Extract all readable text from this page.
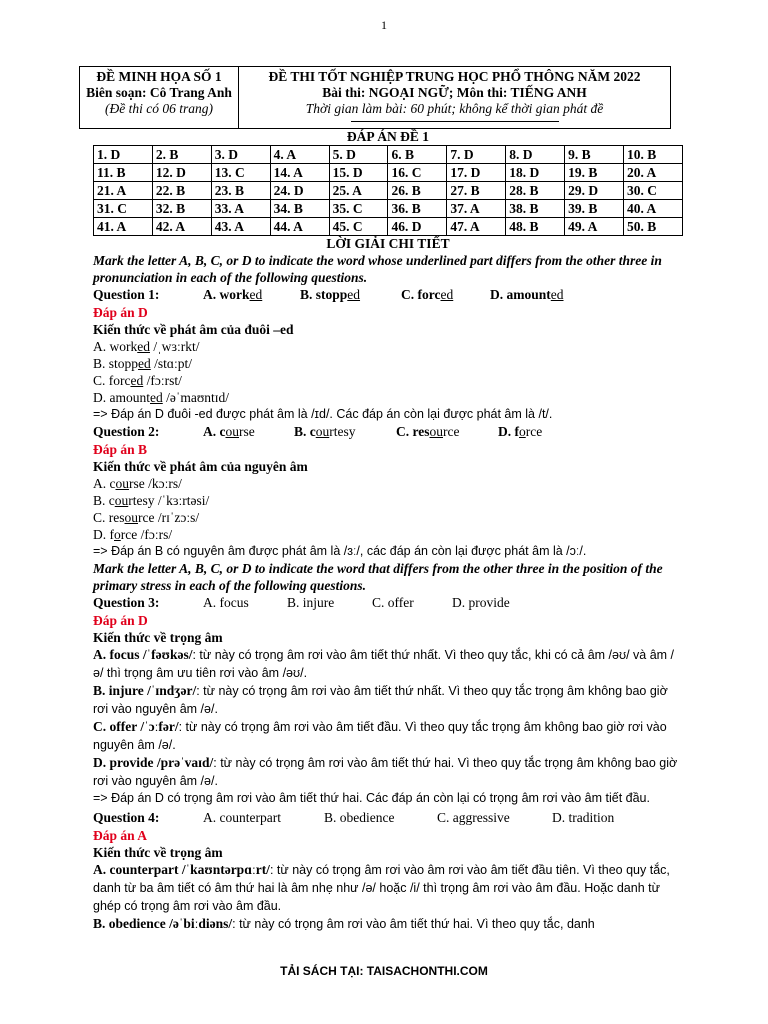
1
ĐỀ MINH HỌA SỐ 1
Biên soạn: Cô Trang Anh
(Đề thi có 06 trang)

ĐỀ THI TỐT NGHIỆP TRUNG HỌC PHỔ THÔNG NĂM 2022
Bài thi: NGOẠI NGỮ; Môn thi: TIẾNG ANH
Thời gian làm bài: 60 phút; không kể thời gian phát đề
ĐÁP ÁN ĐỀ 1
1. D	2. B	3. D	4. A	5. D	6. B	7. D	8. D	9. B	10. B
11. B	12. D	13. C	14. A	15. D	16. C	17. D	18. D	19. B	20. A
21. A	22. B	23. B	24. D	25. A	26. B	27. B	28. B	29. D	30. C
31. C	32. B	33. A	34. B	35. C	36. B	37. A	38. B	39. B	40. A
41. A	42. A	43. A	44. A	45. C	46. D	47. A	48. B	49. A	50. B
LỜI GIẢI CHI TIẾT
Mark the letter A, B, C, or D to indicate the word whose underlined part differs from the other three in pronunciation in each of the following questions.
Question 1:	A. worked	B. stopped	C. forced	D. amounted
Đáp án D
Kiến thức về phát âm của đuôi –ed
A. worked /ˌwɜːrkt/
B. stopped /stɑːpt/
C. forced /fɔːrst/
D. amounted /əˈmaʊntɪd/
=> Đáp án D đuôi -ed được phát âm là /ɪd/. Các đáp án còn lại được phát âm là /t/.
Question 2:	A. course	B. courtesy	C. resource	D. force
Đáp án B
Kiến thức về phát âm của nguyên âm
A. course /kɔːrs/
B. courtesy /ˈkɜːrtəsi/
C. resource /rɪˈzɔːs/
D. force /fɔːrs/
=> Đáp án B có nguyên âm được phát âm là /ɜː/, các đáp án còn lại được phát âm là /ɔː/.
Mark the letter A, B, C, or D to indicate the word that differs from the other three in the position of the primary stress in each of the following questions.
Question 3:	A. focus	B. injure	C. offer	D. provide
Đáp án D
Kiến thức về trọng âm
A. focus /ˈfəʊkəs/: từ này có trọng âm rơi vào âm tiết thứ nhất. Vì theo quy tắc, khi có cả âm /əʊ/ và âm /ə/ thì trọng âm ưu tiên rơi vào âm /əʊ/.
B. injure /ˈɪndʒər/: từ này có trọng âm rơi vào âm tiết thứ nhất. Vì theo quy tắc trọng âm không bao giờ rơi vào nguyên âm /ə/.
C. offer /ˈɔːfər/: từ này có trọng âm rơi vào âm tiết đầu. Vì theo quy tắc trọng âm không bao giờ rơi vào nguyên âm /ə/.
D. provide /prəˈvaɪd/: từ này có trọng âm rơi vào âm tiết thứ hai. Vì theo quy tắc trọng âm không bao giờ rơi vào nguyên âm /ə/.
=> Đáp án D có trọng âm rơi vào âm tiết thứ hai. Các đáp án còn lại có trọng âm rơi vào âm tiết đầu.
Question 4:	A. counterpart	B. obedience	C. aggressive	D. tradition
Đáp án A
Kiến thức về trọng âm
A. counterpart /ˈkaʊntərpɑːrt/: từ này có trọng âm rơi vào âm rơi vào âm tiết đầu tiên. Vì theo quy tắc, danh từ ba âm tiết có âm thứ hai là âm nhẹ như /ə/ hoặc /i/ thì trọng âm rơi vào âm đầu. Hoặc danh từ ghép có trọng âm rơi vào âm đầu.
B. obedience /əˈbiːdiəns/: từ này có trọng âm rơi vào âm tiết thứ hai. Vì theo quy tắc, danh
TẢI SÁCH TẠI: TAISACHONTHI.COM
